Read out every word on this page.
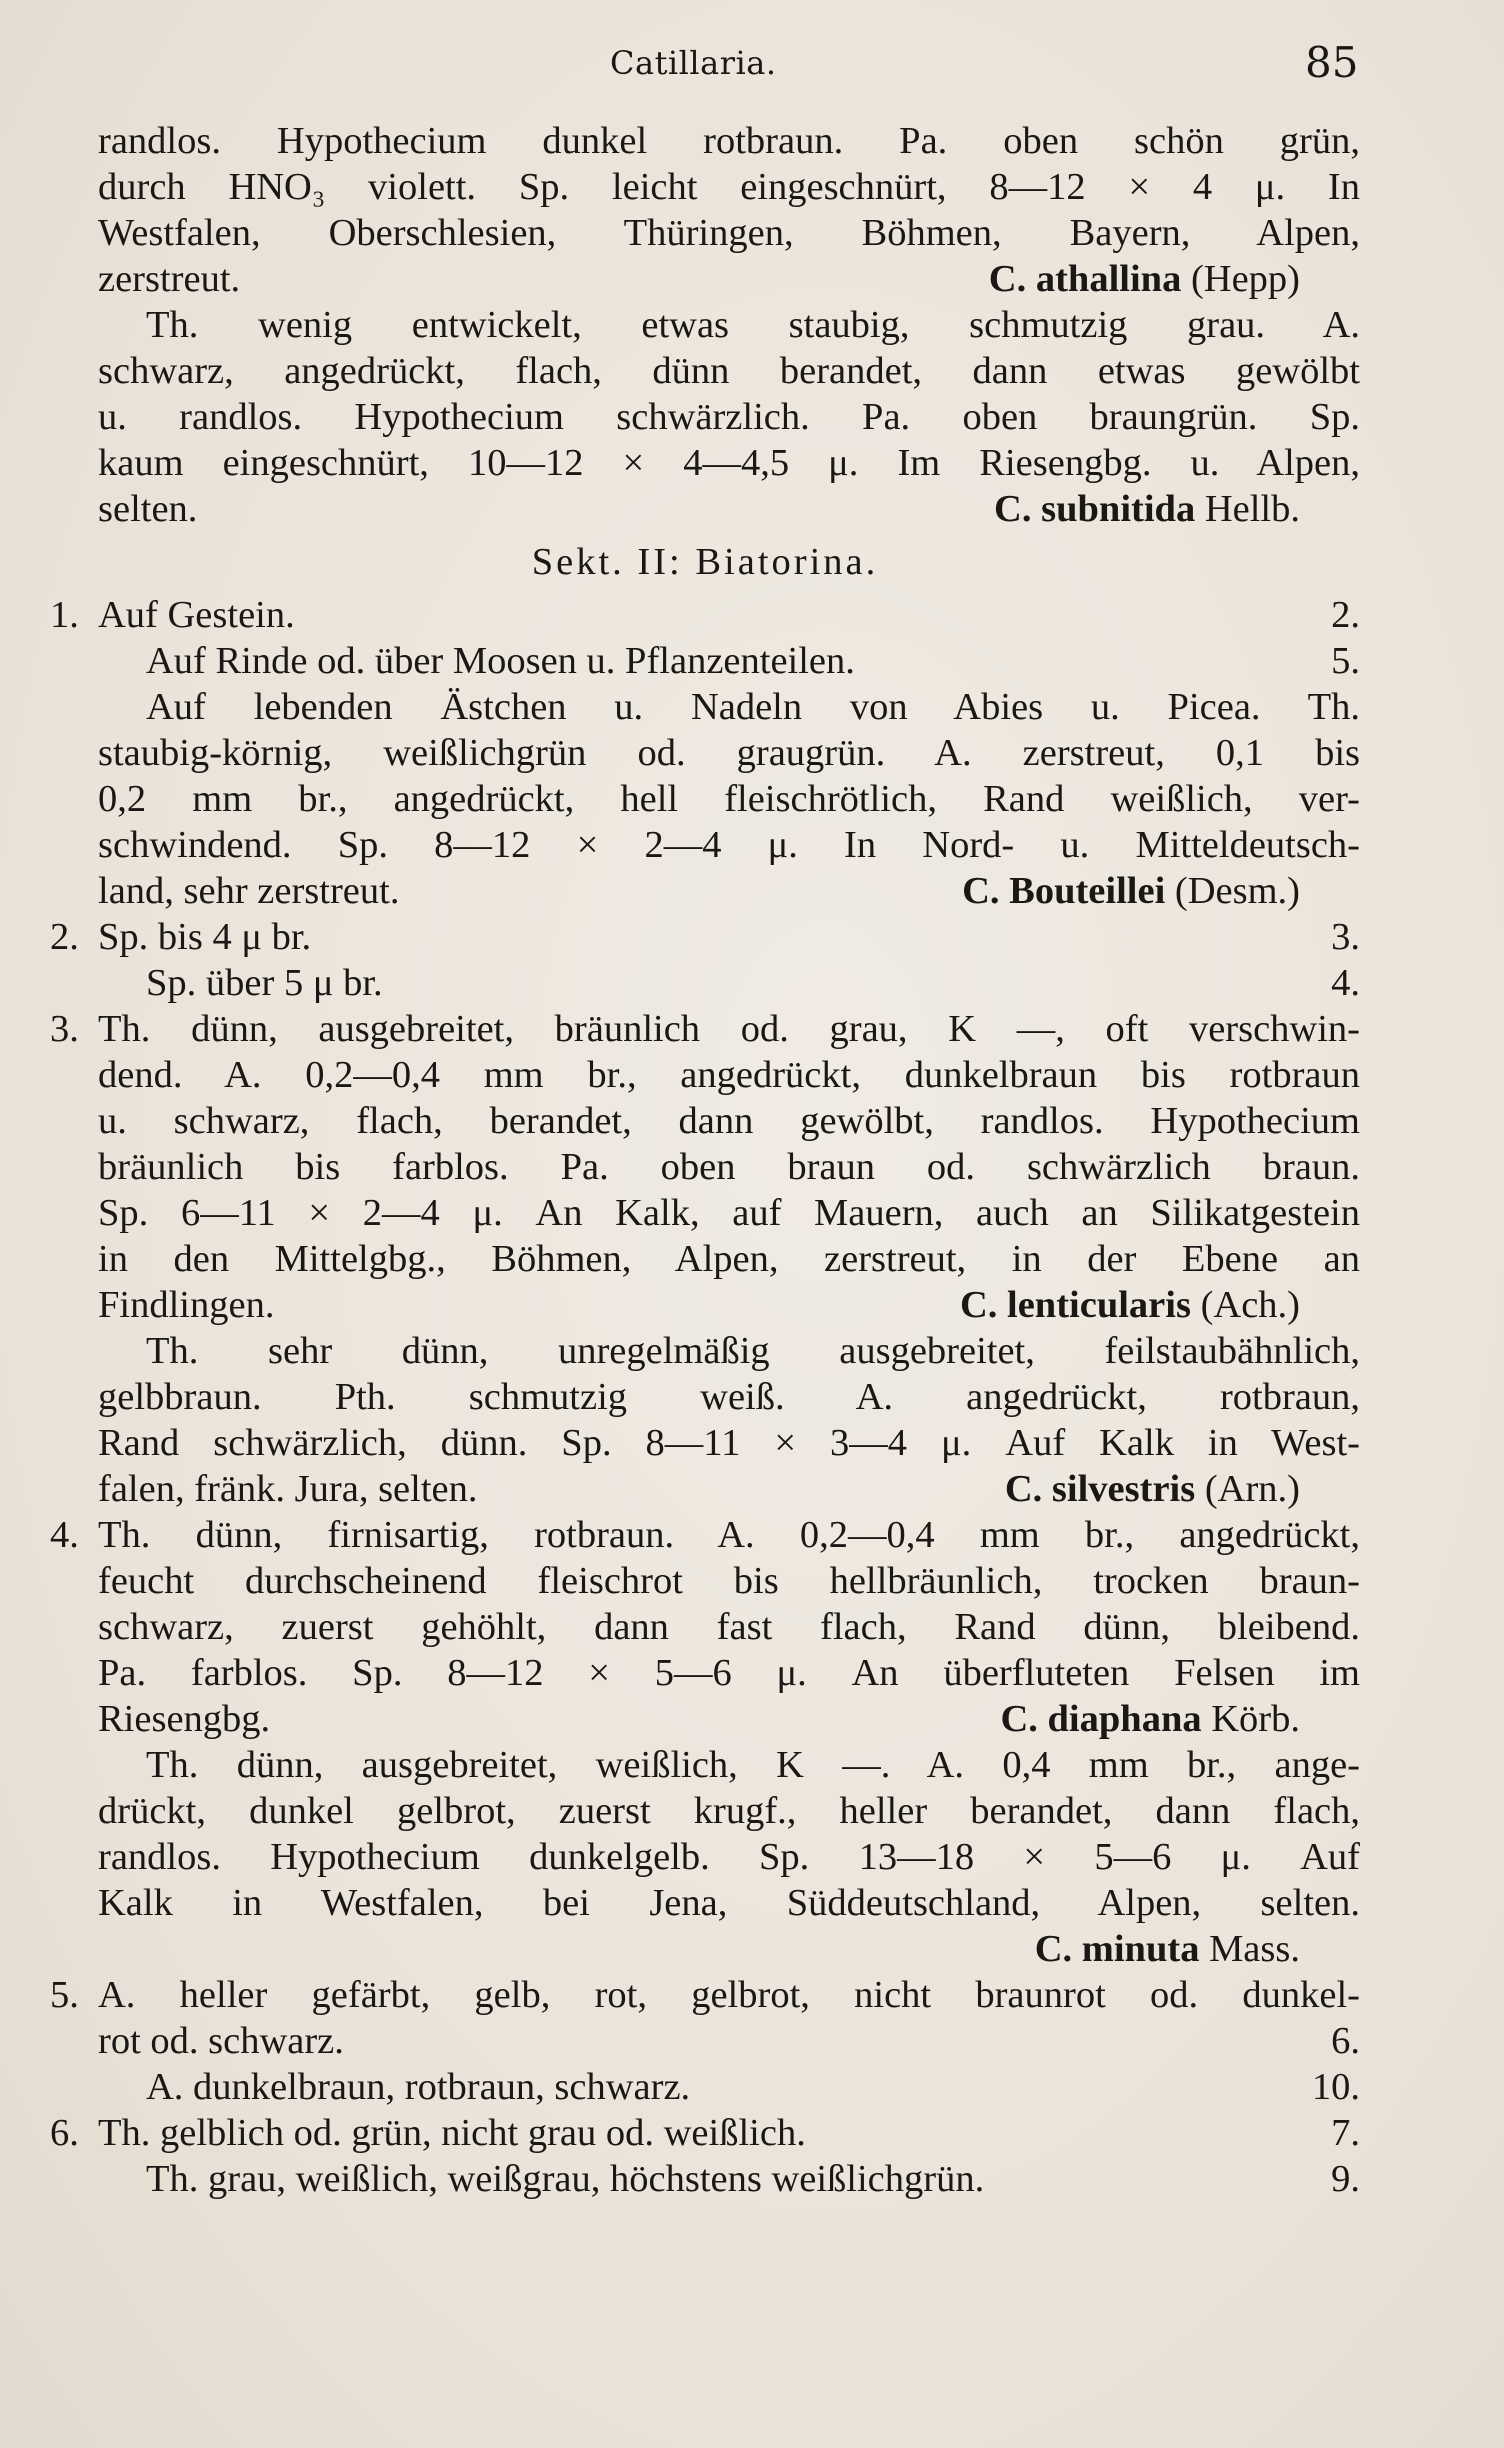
Catillaria.	85
randlos. Hypothecium dunkel rotbraun. Pa. oben schön grün,
durch HNO₃ violett. Sp. leicht eingeschnürt, 8—12 × 4 μ. In
Westfalen, Oberschlesien, Thüringen, Böhmen, Bayern, Alpen,
zerstreut.	C. athallina (Hepp)
Th. wenig entwickelt, etwas staubig, schmutzig grau. A.
schwarz, angedrückt, flach, dünn berandet, dann etwas gewölbt
u. randlos. Hypothecium schwärzlich. Pa. oben braungrün. Sp.
kaum eingeschnürt, 10—12 × 4—4,5 μ. Im Riesengbg. u. Alpen,
selten.	C. subnitida Hellb.
Sekt. II: Biatorina.
1. Auf Gestein.	2.
Auf Rinde od. über Moosen u. Pflanzenteilen.	5.
Auf lebenden Ästchen u. Nadeln von Abies u. Picea. Th.
staubig-körnig, weißlichgrün od. graugrün. A. zerstreut, 0,1 bis
0,2 mm br., angedrückt, hell fleischrötlich, Rand weißlich, ver-
schwindend. Sp. 8—12 × 2—4 μ. In Nord- u. Mitteldeutsch-
land, sehr zerstreut.	C. Bouteillei (Desm.)
2. Sp. bis 4 μ br.	3.
Sp. über 5 μ br.	4.
3. Th. dünn, ausgebreitet, bräunlich od. grau, K —, oft verschwin-
dend. A. 0,2—0,4 mm br., angedrückt, dunkelbraun bis rotbraun
u. schwarz, flach, berandet, dann gewölbt, randlos. Hypothecium
bräunlich bis farblos. Pa. oben braun od. schwärzlich braun.
Sp. 6—11 × 2—4 μ. An Kalk, auf Mauern, auch an Silikatgestein
in den Mittelgbg., Böhmen, Alpen, zerstreut, in der Ebene an
Findlingen.	C. lenticularis (Ach.)
Th. sehr dünn, unregelmäßig ausgebreitet, feilstaubähnlich,
gelbbraun. Pth. schmutzig weiß. A. angedrückt, rotbraun,
Rand schwärzlich, dünn. Sp. 8—11 × 3—4 μ. Auf Kalk in West-
falen, fränk. Jura, selten.	C. silvestris (Arn.)
4. Th. dünn, firnisartig, rotbraun. A. 0,2—0,4 mm br., angedrückt,
feucht durchscheinend fleischrot bis hellbräunlich, trocken braun-
schwarz, zuerst gehöhlt, dann fast flach, Rand dünn, bleibend.
Pa. farblos. Sp. 8—12 × 5—6 μ. An überfluteten Felsen im
Riesengbg.	C. diaphana Körb.
Th. dünn, ausgebreitet, weißlich, K —. A. 0,4 mm br., ange-
drückt, dunkel gelbrot, zuerst krugf., heller berandet, dann flach,
randlos. Hypothecium dunkelgelb. Sp. 13—18 × 5—6 μ. Auf
Kalk in Westfalen, bei Jena, Süddeutschland, Alpen, selten.
C. minuta Mass.
5. A. heller gefärbt, gelb, rot, gelbrot, nicht braunrot od. dunkel-
rot od. schwarz.	6.
A. dunkelbraun, rotbraun, schwarz.	10.
6. Th. gelblich od. grün, nicht grau od. weißlich.	7.
Th. grau, weißlich, weißgrau, höchstens weißlichgrün.	9.
